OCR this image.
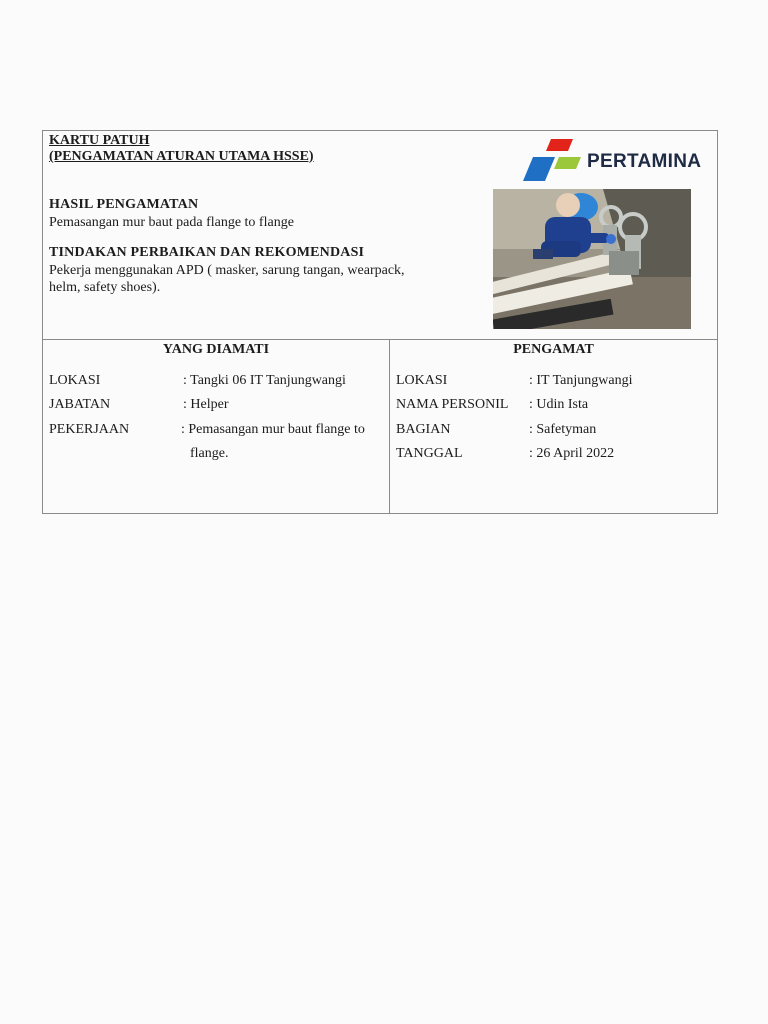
KARTU PATUH
(PENGAMATAN ATURAN UTAMA HSSE)	PERTAMINA
HASIL PENGAMATAN
Pemasangan mur baut pada flange to flange
TINDAKAN PERBAIKAN DAN REKOMENDASI
Pekerja menggunakan APD ( masker, sarung tangan, wearpack,
helm, safety shoes).
YANG DIAMATI
LOKASI	: Tangki 06 IT Tanjungwangi
JABATAN	: Helper
PEKERJAAN	: Pemasangan mur baut flange to
flange.
PENGAMAT
LOKASI	: IT Tanjungwangi
NAMA PERSONIL : Udin Ista
BAGIAN	: Safetyman
TANGGAL	: 26 April 2022
